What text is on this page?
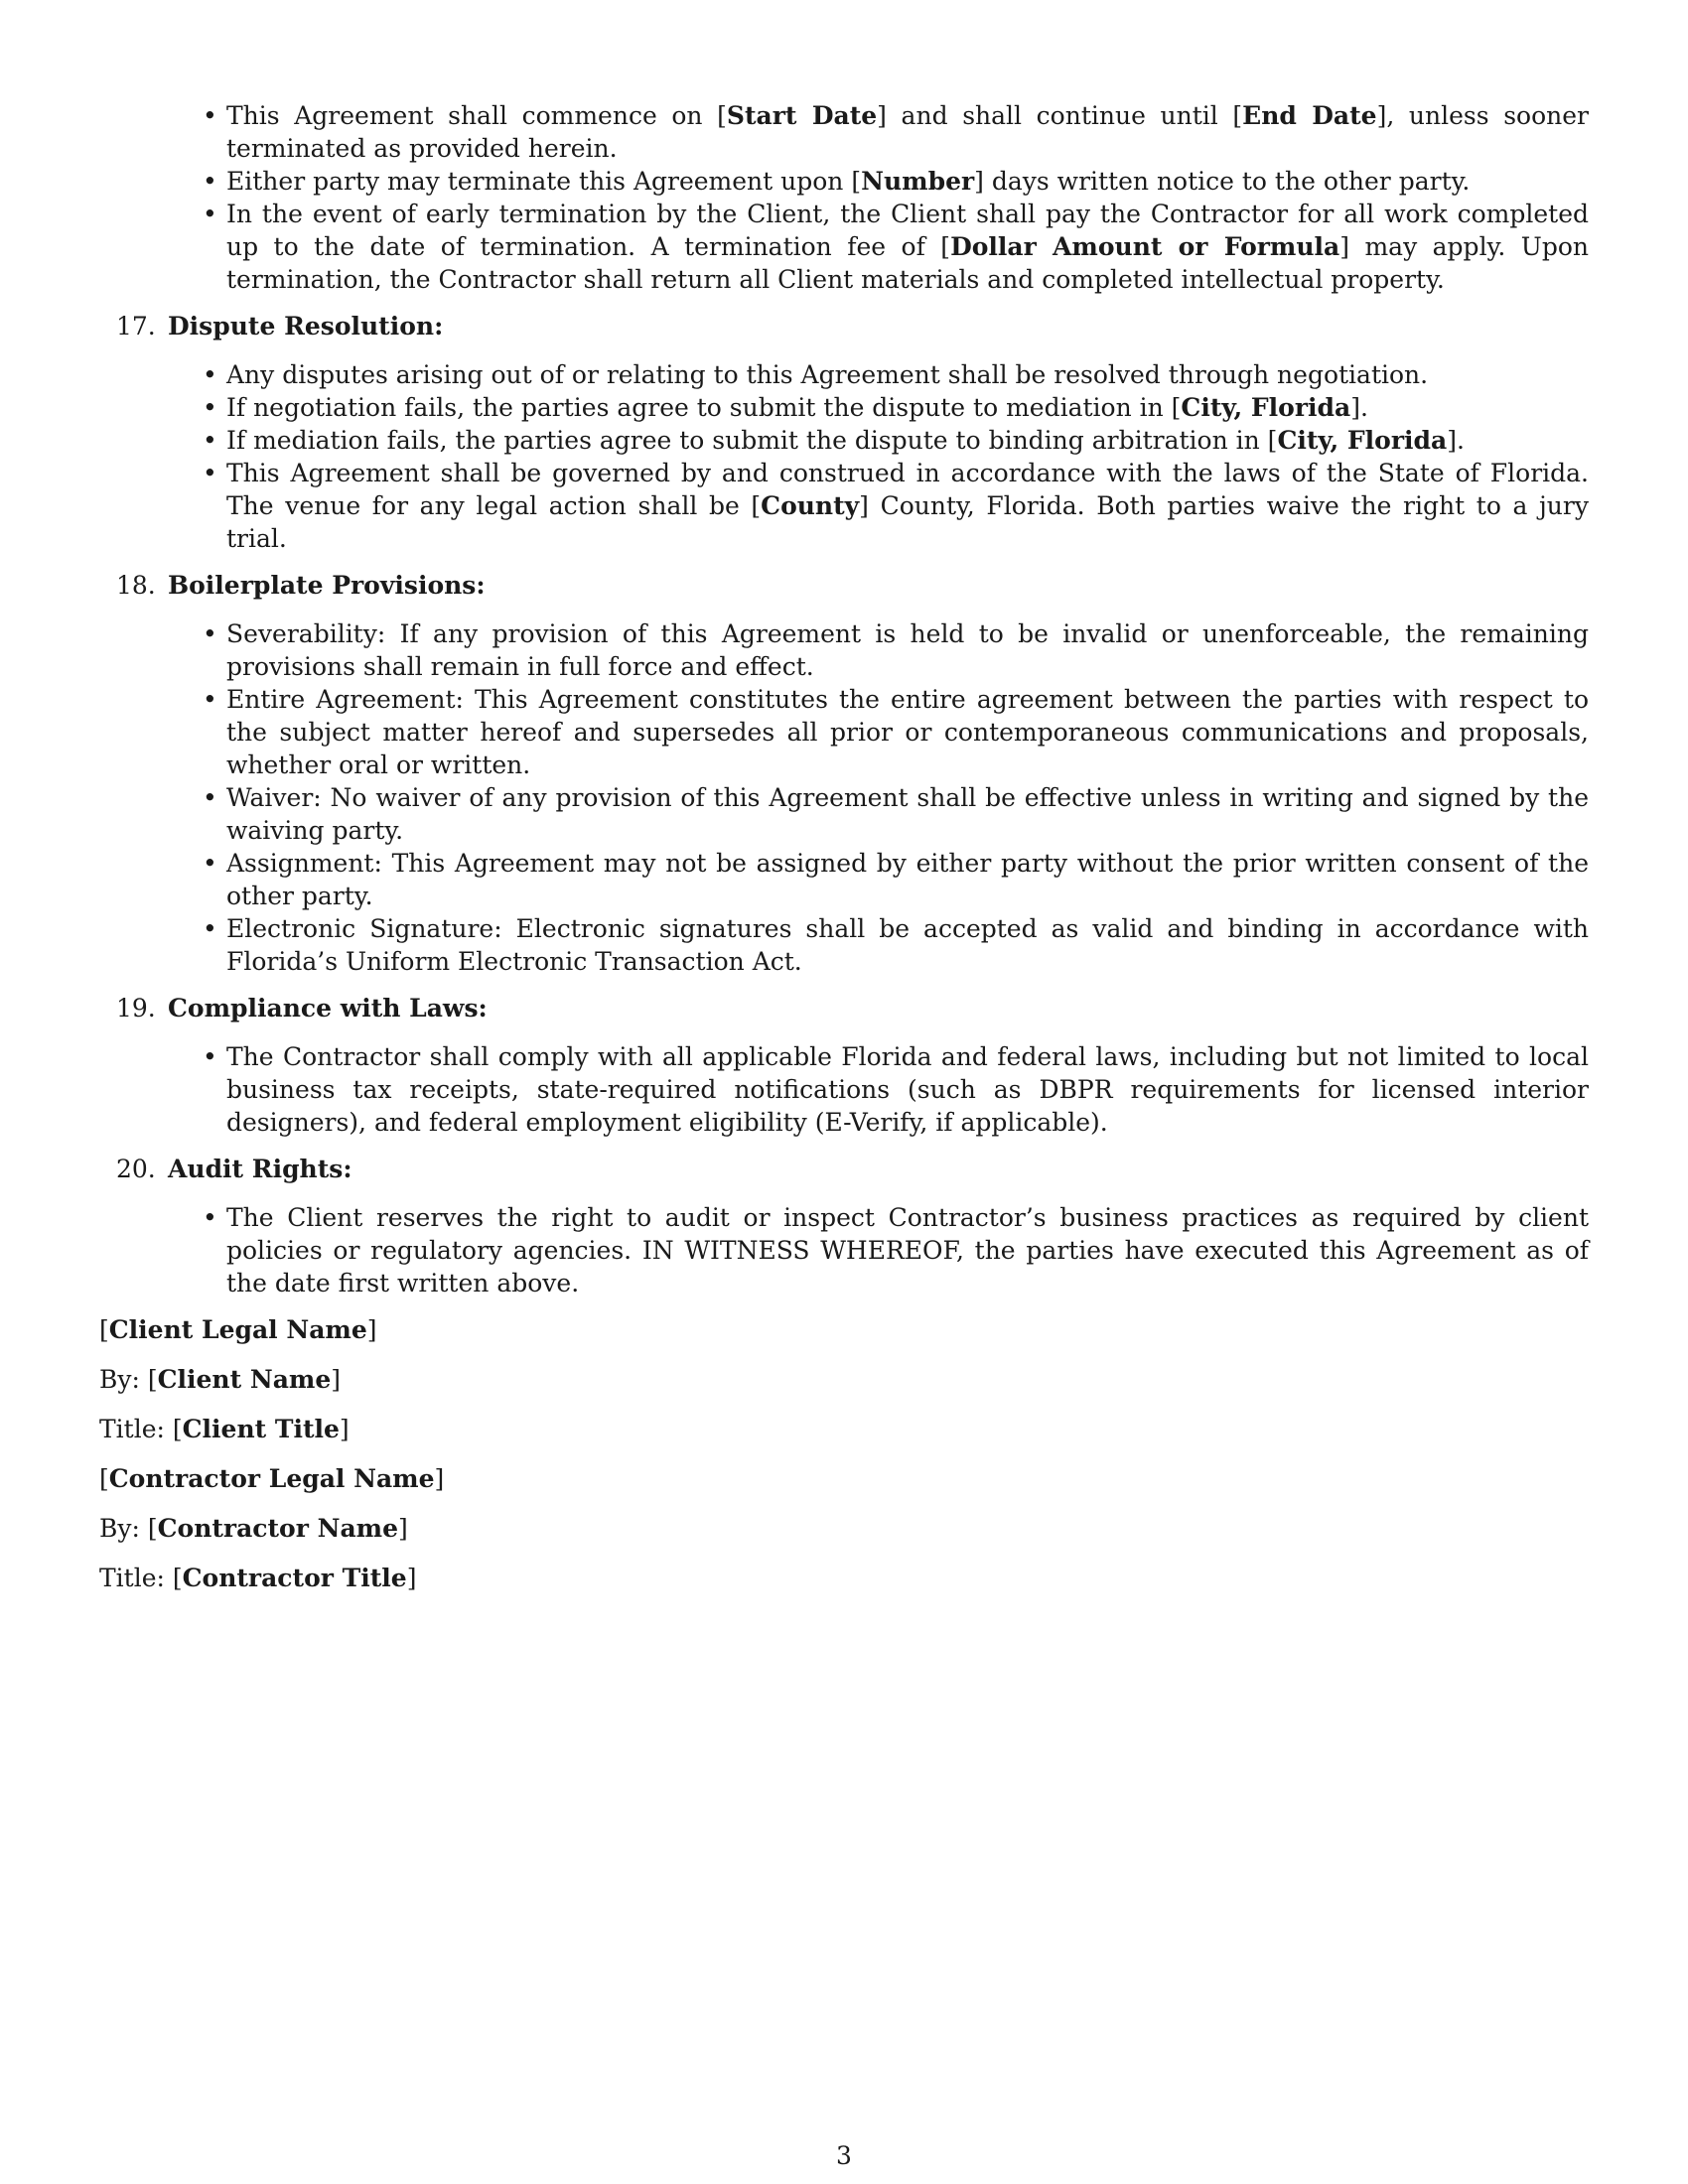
• This Agreement shall commence on [Start Date] and shall continue until [End Date], unless sooner terminated as provided herein.
• Either party may terminate this Agreement upon [Number] days written notice to the other party.
• In the event of early termination by the Client, the Client shall pay the Contractor for all work completed up to the date of termination. A termination fee of [Dollar Amount or Formula] may apply. Upon termination, the Contractor shall return all Client materials and completed intellectual property.
17. Dispute Resolution:
• Any disputes arising out of or relating to this Agreement shall be resolved through negotiation.
• If negotiation fails, the parties agree to submit the dispute to mediation in [City, Florida].
• If mediation fails, the parties agree to submit the dispute to binding arbitration in [City, Florida].
• This Agreement shall be governed by and construed in accordance with the laws of the State of Florida. The venue for any legal action shall be [County] County, Florida. Both parties waive the right to a jury trial.
18. Boilerplate Provisions:
• Severability: If any provision of this Agreement is held to be invalid or unenforceable, the remaining provisions shall remain in full force and effect.
• Entire Agreement: This Agreement constitutes the entire agreement between the parties with respect to the subject matter hereof and supersedes all prior or contemporaneous communications and proposals, whether oral or written.
• Waiver: No waiver of any provision of this Agreement shall be effective unless in writing and signed by the waiving party.
• Assignment: This Agreement may not be assigned by either party without the prior written consent of the other party.
• Electronic Signature: Electronic signatures shall be accepted as valid and binding in accordance with Florida’s Uniform Electronic Transaction Act.
19. Compliance with Laws:
• The Contractor shall comply with all applicable Florida and federal laws, including but not limited to local business tax receipts, state-required notifications (such as DBPR requirements for licensed interior designers), and federal employment eligibility (E-Verify, if applicable).
20. Audit Rights:
• The Client reserves the right to audit or inspect Contractor’s business practices as required by client policies or regulatory agencies. IN WITNESS WHEREOF, the parties have executed this Agreement as of the date first written above.
[Client Legal Name]
By: [Client Name]
Title: [Client Title]
[Contractor Legal Name]
By: [Contractor Name]
Title: [Contractor Title]
3
